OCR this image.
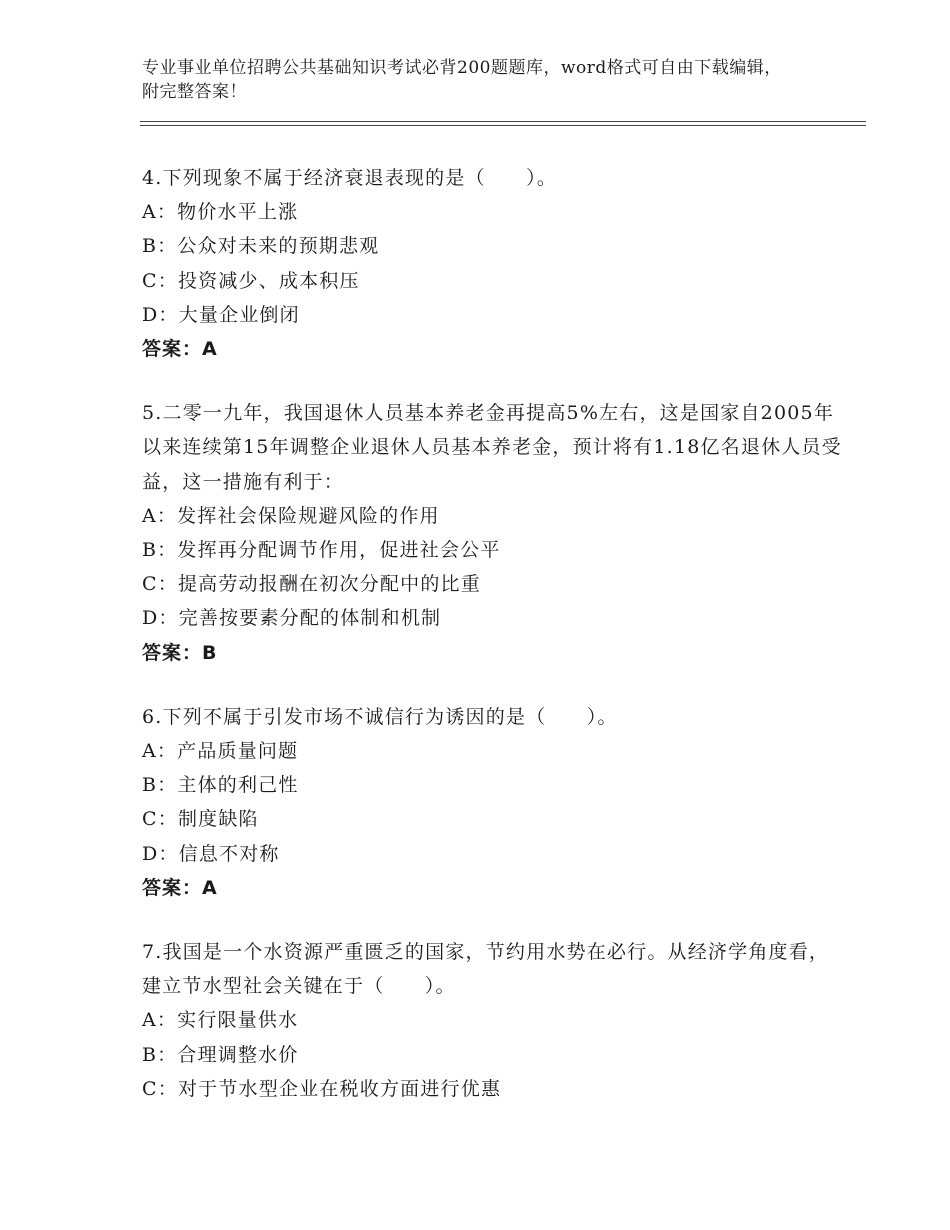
专业事业单位招聘公共基础知识考试必背200题题库，word格式可自由下载编辑，附完整答案！
4.下列现象不属于经济衰退表现的是（　　）。
A：物价水平上涨
B：公众对未来的预期悲观
C：投资减少、成本积压
D：大量企业倒闭
答案：A
5.二零一九年，我国退休人员基本养老金再提高5%左右，这是国家自2005年以来连续第15年调整企业退休人员基本养老金，预计将有1.18亿名退休人员受益，这一措施有利于：
A：发挥社会保险规避风险的作用
B：发挥再分配调节作用，促进社会公平
C：提高劳动报酬在初次分配中的比重
D：完善按要素分配的体制和机制
答案：B
6.下列不属于引发市场不诚信行为诱因的是（　　）。
A：产品质量问题
B：主体的利己性
C：制度缺陷
D：信息不对称
答案：A
7.我国是一个水资源严重匮乏的国家，节约用水势在必行。从经济学角度看，建立节水型社会关键在于（　　）。
A：实行限量供水
B：合理调整水价
C：对于节水型企业在税收方面进行优惠
